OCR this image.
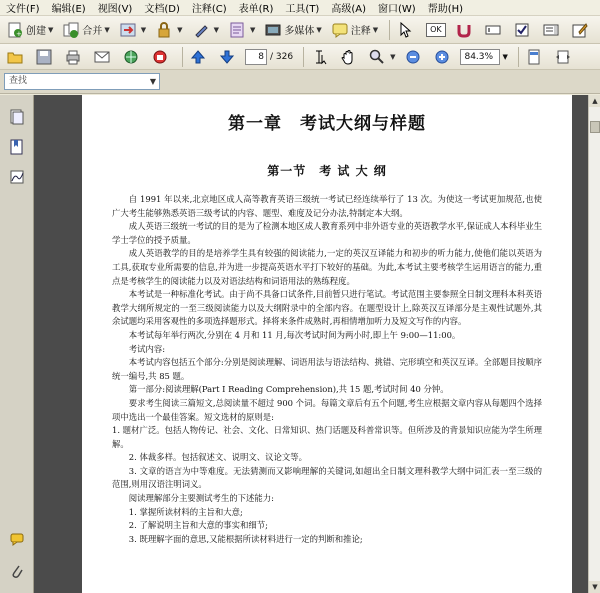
文件(F) 编辑(E) 视图(V) 文档(D) 注释(C) 表单(R) 工具(T) 高级(A) 窗口(W) 帮助(H)
+ 创建 ▼	合并 ▼	▼	▼	▼	▼	多媒体 ▼	注释 ▼	OK
8 / 326	▼	84.3%	▼
查找	▼
第一章　考试大纲与样题
第一节　考 试 大 纲

自 1991 年以来,北京地区成人高等教育英语三级统一考试已经连续举行了 13 次。为使这一考试更加规范,也使广大考生能够熟悉英语三级考试的内容、题型、难度及记分办法,特制定本大纲。

成人英语三级统一考试的目的是为了检测本地区成人教育系列中非外语专业的英语教学水平,保证成人本科毕业生学士学位的授予质量。

成人英语教学的目的是培养学生具有较强的阅读能力,一定的英汉互译能力和初步的听力能力,使他们能以英语为工具,获取专业所需要的信息,并为进一步提高英语水平打下较好的基础。为此,本考试主要考核学生运用语言的能力,重点是考核学生的阅读能力以及对语法结构和词语用法的熟练程度。

本考试是一种标准化考试。由于尚不具备口试条件,目前暂只进行笔试。考试范围主要参照全日制文理科本科英语教学大纲所规定的一至三级阅读能力以及大纲附录中的全部内容。在题型设计上,除英汉互译部分是主观性试题外,其余试题均采用客观性的多项选择题形式。择将来条件成熟时,再相情增加听力及短文写作的内容。

本考试每年举行两次,分别在 4 月和 11 月,每次考试时间为两小时,即上午 9:00—11:00。

考试内容:

本考试内容包括五个部分:分别是阅读理解、词语用法与语法结构、挑错、完形填空和英汉互译。全部题目按顺序统一编号,共 85 题。

第一部分:阅读理解(Part I Reading Comprehension),共 15 题,考试时间 40 分钟。

要求考生阅读三篇短文,总阅读量不超过 900 个词。每篇文章后有五个问题,考生应根据文章内容从每题四个选择项中选出一个最佳答案。短文选材的原则是:

1. 题材广泛。包括人物传记、社会、文化、日常知识、热门话题及科普常识等。但所涉及的背景知识应能为学生所理解。

2. 体裁多样。包括叙述文、说明文、议论文等。

3. 文章的语言为中等难度。无法猜测而又影响理解的关键词,如超出全日制文理科教学大纲中词汇表一至三级的范围,则用汉语注明词义。

阅读理解部分主要测试考生的下述能力:

1. 掌握所读材料的主旨和大意;

2. 了解说明主旨和大意的事实和细节;

3. 既理解字面的意思,又能根据所读材料进行一定的判断和推论;

▲
▼
